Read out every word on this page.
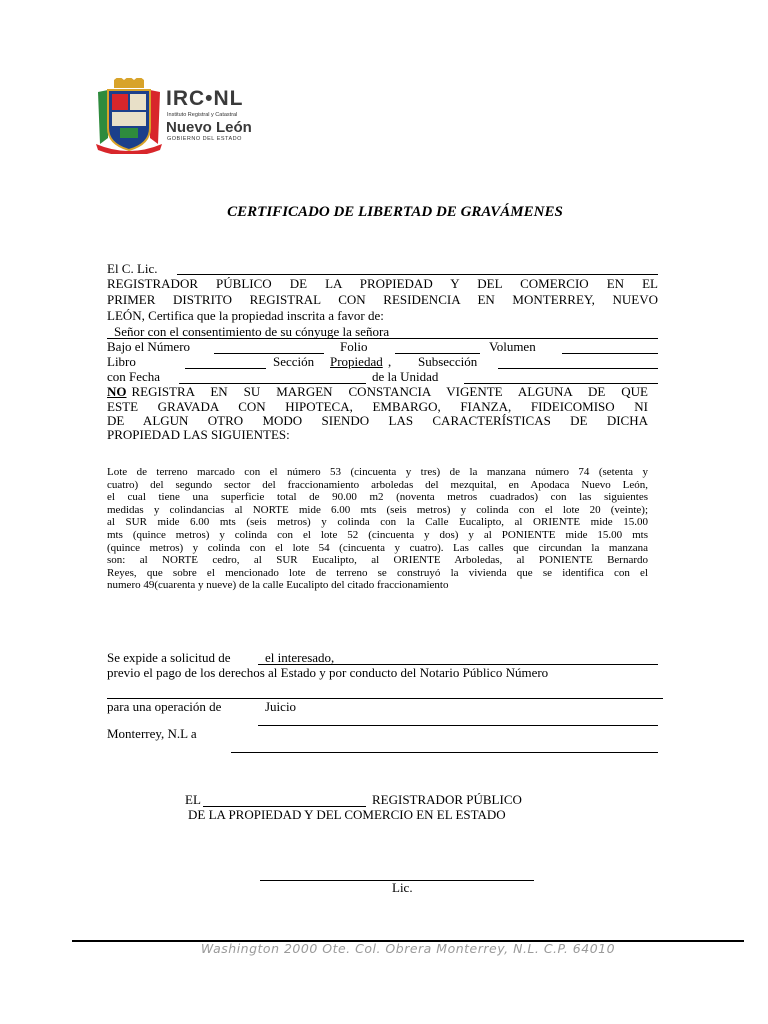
IRC•NL
Instituto Registral y Catastral
Nuevo León
GOBIERNO DEL ESTADO
CERTIFICADO DE LIBERTAD DE GRAVÁMENES
El C. Lic.
REGISTRADOR PÚBLICO DE LA PROPIEDAD Y DEL COMERCIO EN EL
PRIMER DISTRITO REGISTRAL CON RESIDENCIA EN MONTERREY, NUEVO
LEÓN, Certifica que la propiedad inscrita a favor de:
Señor con el consentimiento de su cónyuge la señora
Bajo el Número	Folio	Volumen
Libro	Sección Propiedad , Subsección
con Fecha	de la Unidad
NO REGISTRA EN SU MARGEN CONSTANCIA VIGENTE ALGUNA DE QUE
ESTE GRAVADA CON HIPOTECA, EMBARGO, FIANZA, FIDEICOMISO NI
DE ALGUN OTRO MODO SIENDO LAS CARACTERÍSTICAS DE DICHA
PROPIEDAD LAS SIGUIENTES:
Lote de terreno marcado con el número 53 (cincuenta y tres) de la manzana número 74 (setenta y
cuatro) del segundo sector del fraccionamiento arboledas del mezquital, en Apodaca Nuevo León,
el cual tiene una superficie total de 90.00 m2 (noventa metros cuadrados) con las siguientes
medidas y colindancias al NORTE mide 6.00 mts (seis metros) y colinda con el lote 20 (veinte);
al SUR mide 6.00 mts (seis metros) y colinda con la Calle Eucalipto, al ORIENTE mide 15.00
mts (quince metros) y colinda con el lote 52 (cincuenta y dos) y al PONIENTE mide 15.00 mts
(quince metros) y colinda con el lote 54 (cincuenta y cuatro). Las calles que circundan la manzana
son: al NORTE cedro, al SUR Eucalipto, al ORIENTE Arboledas, al PONIENTE Bernardo
Reyes, que sobre el mencionado lote de terreno se construyó la vivienda que se identifica con el
numero 49(cuarenta y nueve) de la calle Eucalipto del citado fraccionamiento
Se expide a solicitud de	el interesado,
previo el pago de los derechos al Estado y por conducto del Notario Público Número
para una operación de	Juicio
Monterrey, N.L a
EL	REGISTRADOR PÚBLICO
DE LA PROPIEDAD Y DEL COMERCIO EN EL ESTADO
Lic.
Washington 2000 Ote. Col. Obrera Monterrey, N.L. C.P. 64010
